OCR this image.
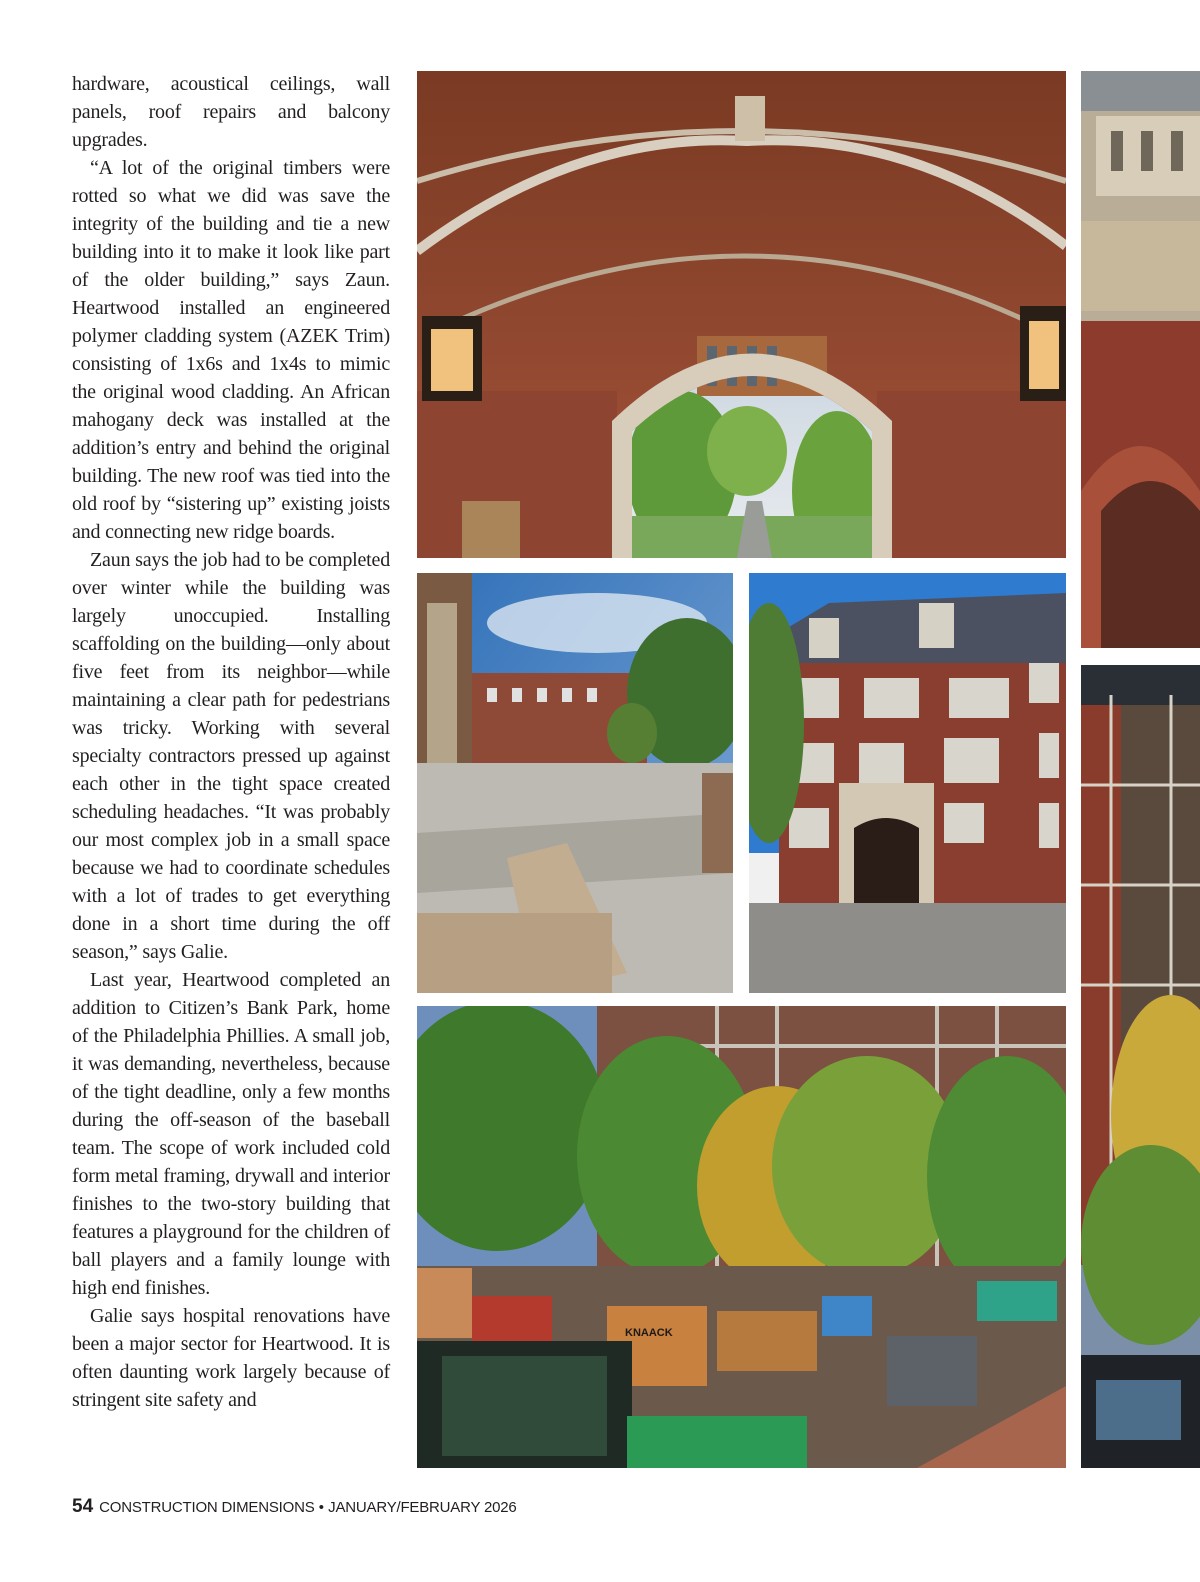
hardware, acoustical ceilings, wall panels, roof repairs and balcony upgrades.

“A lot of the original timbers were rotted so what we did was save the integrity of the building and tie a new building into it to make it look like part of the older building,” says Zaun. Heartwood installed an engineered polymer cladding system (AZEK Trim) consisting of 1x6s and 1x4s to mimic the original wood cladding. An African mahogany deck was installed at the addition’s entry and behind the original building. The new roof was tied into the old roof by “sistering up” existing joists and connecting new ridge boards.

Zaun says the job had to be completed over winter while the building was largely unoccupied. Installing scaffolding on the building—only about five feet from its neighbor—while maintaining a clear path for pedestrians was tricky. Working with several specialty contractors pressed up against each other in the tight space created scheduling headaches. “It was probably our most complex job in a small space because we had to coordinate schedules with a lot of trades to get everything done in a short time during the off season,” says Galie.

Last year, Heartwood completed an addition to Citizen’s Bank Park, home of the Philadelphia Phillies. A small job, it was demanding, nevertheless, because of the tight deadline, only a few months during the off-season of the baseball team. The scope of work included cold form metal framing, drywall and interior finishes to the two-story building that features a playground for the children of ball players and a family lounge with high end finishes.

Galie says hospital renovations have been a major sector for Heartwood. It is often daunting work largely because of stringent site safety and

KNAACK
54 CONSTRUCTION DIMENSIONS • JANUARY/FEBRUARY 2026
